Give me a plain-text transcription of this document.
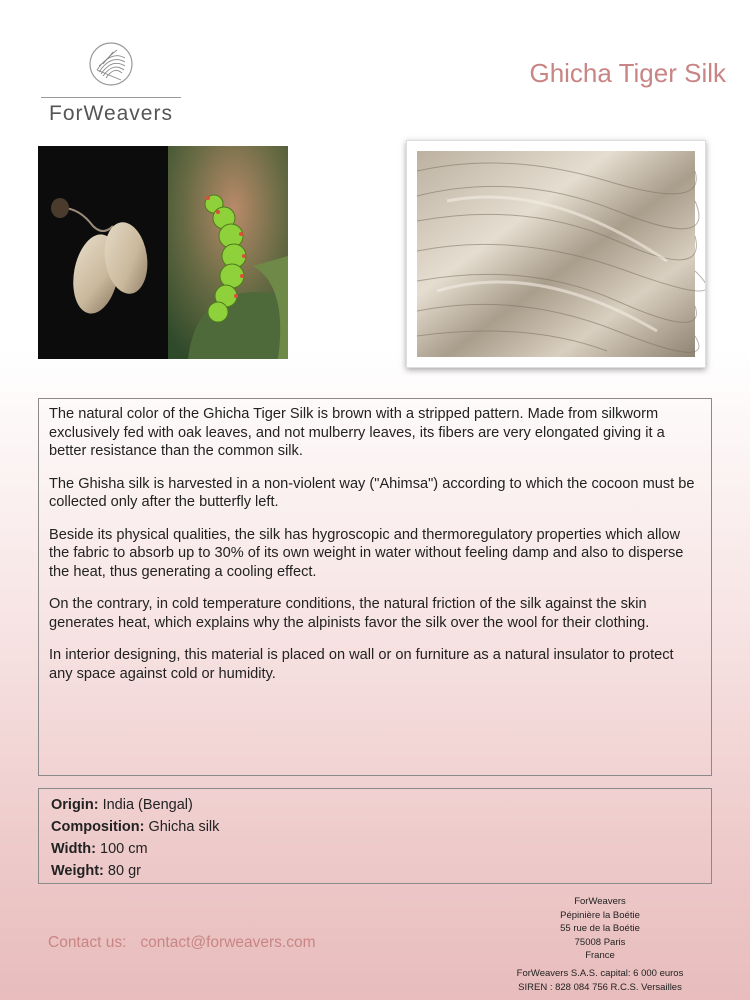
ForWeavers
Ghicha Tiger Silk

The natural color of the Ghicha Tiger Silk is brown with a stripped pattern. Made from silkworm exclusively fed with oak leaves, and not mulberry leaves, its fibers are very elongated giving it a better resistance than the common silk.

The Ghisha silk is harvested in a non-violent way ("Ahimsa") according to which the cocoon must be collected only after the butterfly left.

Beside its physical qualities, the silk has hygroscopic and thermoregulatory properties which allow the fabric to absorb up to 30% of its own weight in water without feeling damp and also to disperse the heat, thus generating a cooling effect.

On the contrary, in cold temperature conditions, the natural friction of the silk against the skin generates heat, which explains why the alpinists favor the silk over the wool for their clothing.

In interior designing, this material is placed on wall or on furniture as a natural insulator to protect any space against cold or humidity.

Origin: India (Bengal)
Composition: Ghicha silk
Width: 100 cm
Weight: 80 gr
Contact us: contact@forweavers.com
ForWeavers
Pépinière la Boétie
55 rue de la Boétie
75008 Paris
France
ForWeavers S.A.S. capital: 6 000 euros
SIREN : 828 084 756 R.C.S. Versailles
